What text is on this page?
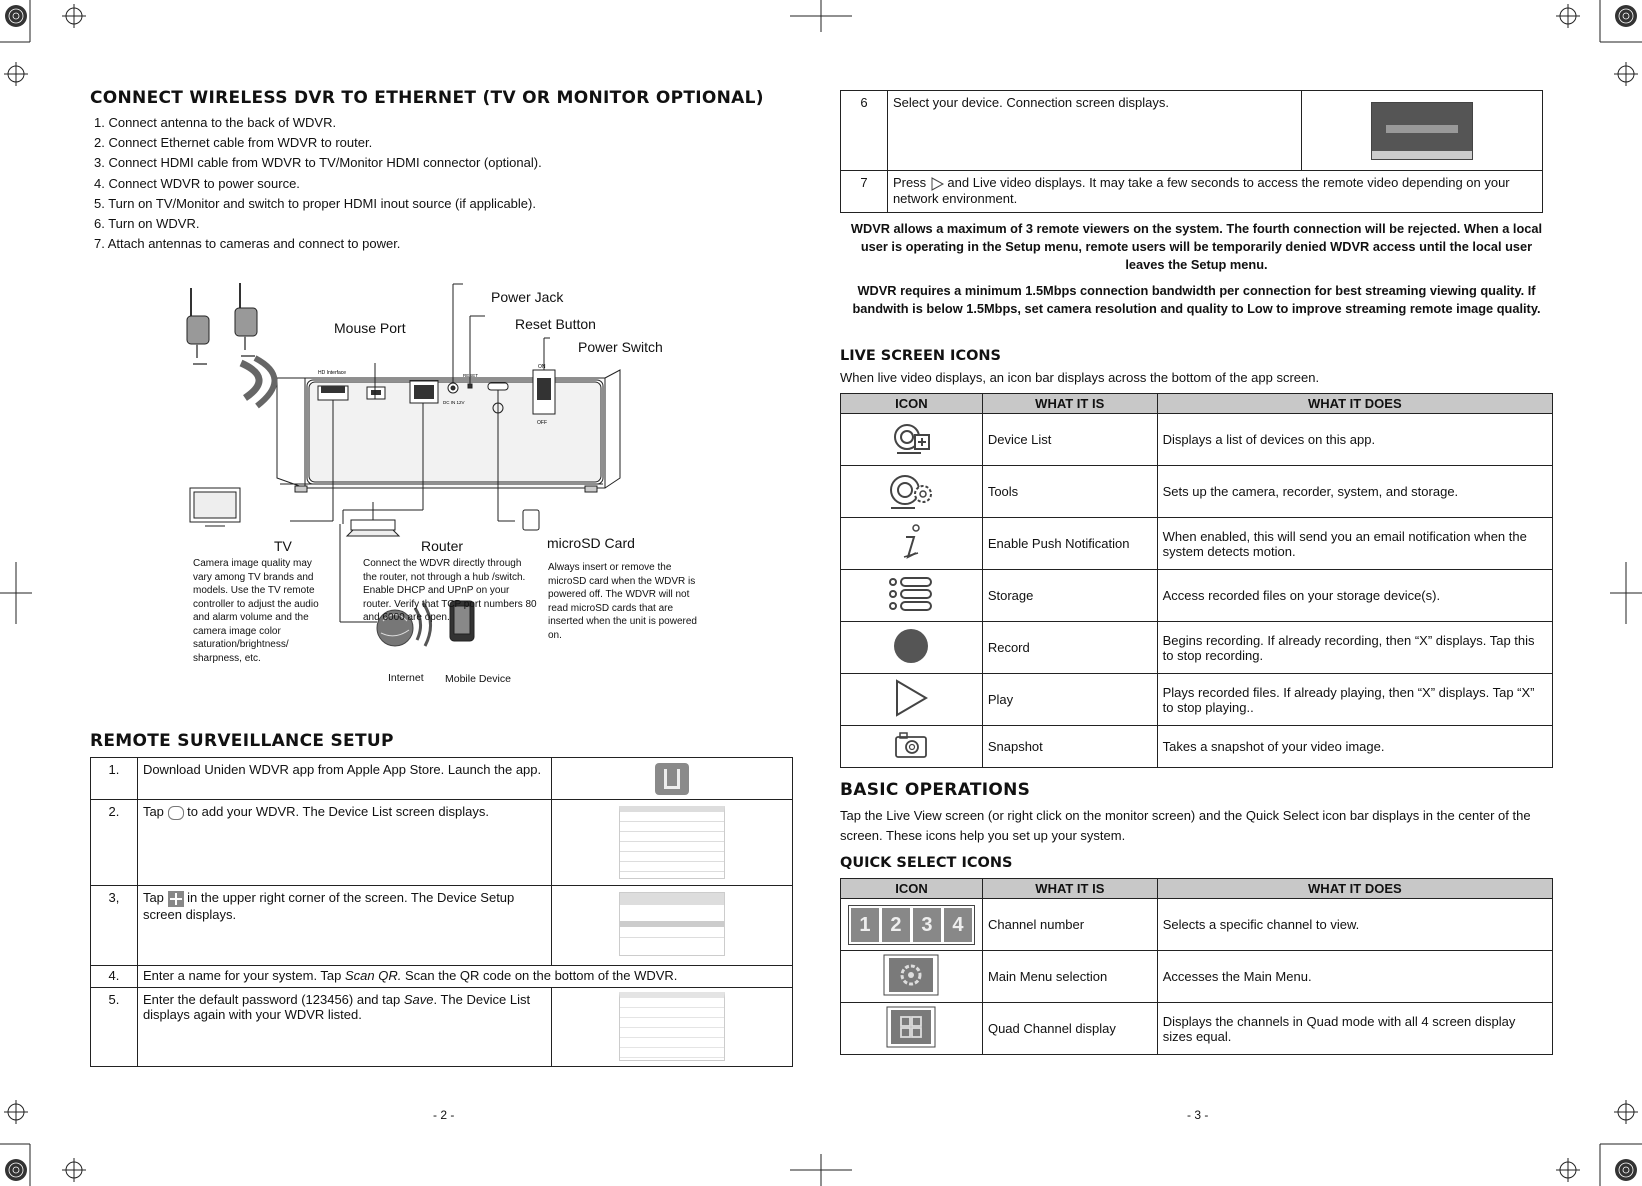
CONNECT WIRELESS DVR TO ETHERNET (TV OR MONITOR OPTIONAL)
1. Connect antenna to the back of WDVR.
2. Connect Ethernet cable from WDVR to router.
3. Connect HDMI cable from WDVR to TV/Monitor HDMI connector (optional).
4. Connect WDVR to power source.
5. Turn on TV/Monitor and switch to proper HDMI inout source (if applicable).
6. Turn on WDVR.
7. Attach antennas to cameras and connect to power.
HD Interface
DC IN 12V
RESET
ON
OFF
Power Jack
Mouse Port	Reset Button
Power Switch
TV	Router	microSD Card
Camera image quality may vary among TV brands and models. Use the TV remote controller to adjust the audio and alarm volume and the camera image color saturation/brightness/ sharpness, etc.
Connect the WDVR directly through the router, not through a hub /switch. Enable DHCP and UPnP on your router. Verify that TCP port numbers 80 and 6000 are open.
Always insert or remove the microSD card when the WDVR is powered off. The WDVR will not read microSD cards that are inserted when the unit is powered on.
Internet Mobile Device
REMOTE SURVEILLANCE SETUP
1.	Download Uniden WDVR app from Apple App Store. Launch the app.	

2.	Tap to add your WDVR. The Device List screen displays.	

3,	Tap in the upper right corner of the screen. The Device Setup screen displays.	

4.	Enter a name for your system. Tap Scan QR. Scan the QR code on the bottom of the WDVR.	
5.	Enter the default password (123456) and tap Save. The Device List displays again with your WDVR listed.	
- 2 -
6	Select your device. Connection screen displays.	

7	Press and Live video displays. It may take a few seconds to access the remote video depending on your network environment.	
WDVR allows a maximum of 3 remote viewers on the system. The fourth connection will be rejected. When a local user is operating in the Setup menu, remote users will be temporarily denied WDVR access until the local user leaves the Setup menu.
WDVR requires a minimum 1.5Mbps connection bandwidth per connection for best streaming viewing quality. If bandwith is below 1.5Mbps, set camera resolution and quality to Low to improve streaming remote image quality.
LIVE SCREEN ICONS
When live video displays, an icon bar displays across the bottom of the app screen.
ICON	WHAT IT IS	WHAT IT DOES
	Device List	Displays a list of devices on this app.
	Tools	Sets up the camera, recorder, system, and storage.
	Enable Push Notification	When enabled, this will send you an email notification when the system detects motion.
	Storage	Access recorded files on your storage device(s).
	Record	Begins recording. If already recording, then “X” displays. Tap this to stop recording.
	Play	Plays recorded files. If already playing, then “X” displays. Tap “X” to stop playing..
	Snapshot	Takes a snapshot of your video image.
BASIC OPERATIONS
Tap the Live View screen (or right click on the monitor screen) and the Quick Select icon bar displays in the center of the screen. These icons help you set up your system.
QUICK SELECT ICONS
ICON	WHAT IT IS	WHAT IT DOES

1 2 3 4	Channel number	Selects a specific channel to view.
	Main Menu selection	Accesses the Main Menu.
	Quad Channel display	Displays the channels in Quad mode with all 4 screen display sizes equal.
- 3 -
